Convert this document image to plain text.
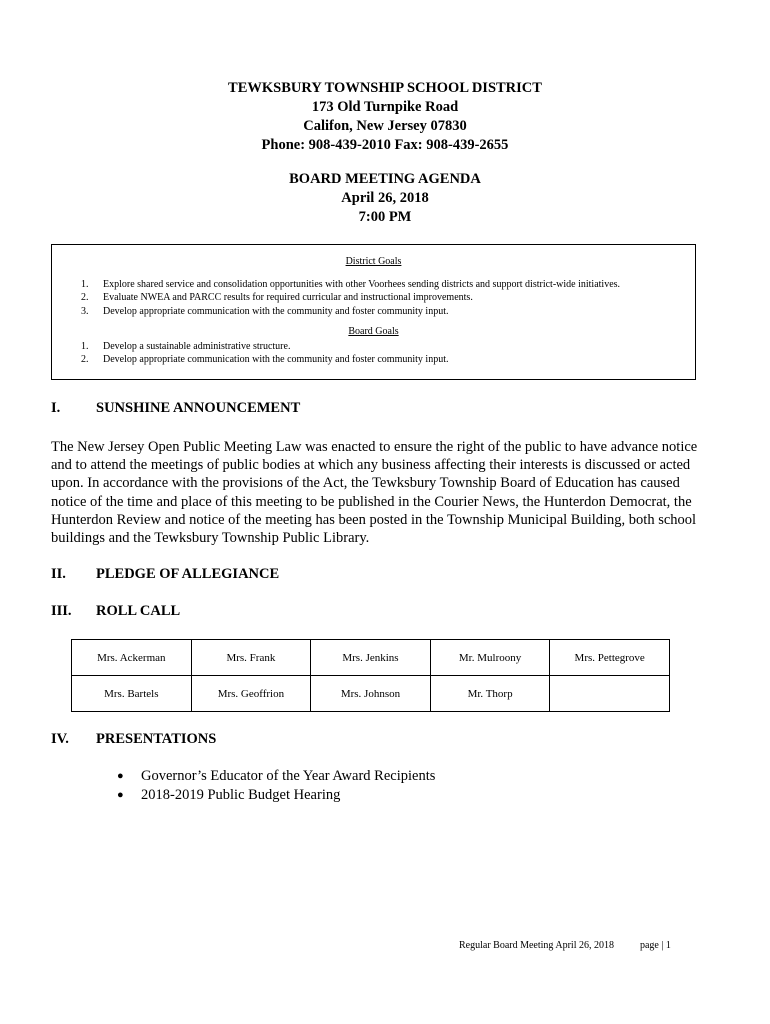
TEWKSBURY TOWNSHIP SCHOOL DISTRICT
173 Old Turnpike Road
Califon, New Jersey 07830
Phone: 908-439-2010 Fax: 908-439-2655
BOARD MEETING AGENDA
April 26, 2018
7:00 PM
District Goals
1. Explore shared service and consolidation opportunities with other Voorhees sending districts and support district-wide initiatives.
2. Evaluate NWEA and PARCC results for required curricular and instructional improvements.
3. Develop appropriate communication with the community and foster community input.
Board Goals
1. Develop a sustainable administrative structure.
2. Develop appropriate communication with the community and foster community input.
I. SUNSHINE ANNOUNCEMENT
The New Jersey Open Public Meeting Law was enacted to ensure the right of the public to have advance notice and to attend the meetings of public bodies at which any business affecting their interests is discussed or acted upon. In accordance with the provisions of the Act, the Tewksbury Township Board of Education has caused notice of the time and place of this meeting to be published in the Courier News, the Hunterdon Democrat, the Hunterdon Review and notice of the meeting has been posted in the Township Municipal Building, both school buildings and the Tewksbury Township Public Library.
II. PLEDGE OF ALLEGIANCE
III. ROLL CALL
Mrs. Ackerman	Mrs. Frank	Mrs. Jenkins	Mr. Mulroony	Mrs. Pettegrove
Mrs. Bartels	Mrs. Geoffrion	Mrs. Johnson	Mr. Thorp	
IV. PRESENTATIONS
● Governor’s Educator of the Year Award Recipients
● 2018-2019 Public Budget Hearing
Regular Board Meeting April 26, 2018	page | 1
